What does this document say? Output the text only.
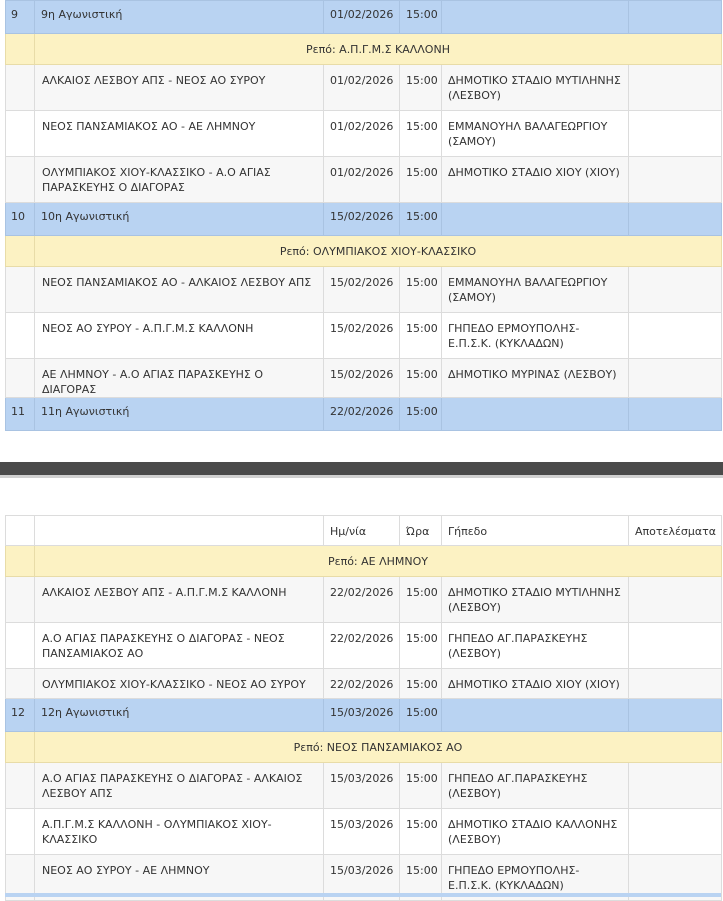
9	9η Αγωνιστική	01/02/2026	15:00		
	Ρεπό: Α.Π.Γ.Μ.Σ ΚΑΛΛΟΝΗ				
	ΑΛΚΑΙΟΣ ΛΕΣΒΟΥ ΑΠΣ - ΝΕΟΣ ΑΟ ΣΥΡΟΥ	01/02/2026	15:00	ΔΗΜΟΤΙΚΟ ΣΤΑΔΙΟ ΜΥΤΙΛΗΝΗΣ (ΛΕΣΒΟΥ)	
	ΝΕΟΣ ΠΑΝΣΑΜΙΑΚΟΣ ΑΟ - ΑΕ ΛΗΜΝΟΥ	01/02/2026	15:00	ΕΜΜΑΝΟΥΗΛ ΒΑΛΑΓΕΩΡΓΙΟΥ (ΣΑΜΟΥ)	
	ΟΛΥΜΠΙΑΚΟΣ ΧΙΟΥ-ΚΛΑΣΣΙΚΟ - Α.Ο ΑΓΙΑΣ ΠΑΡΑΣΚΕΥΗΣ Ο ΔΙΑΓΟΡΑΣ	01/02/2026	15:00	ΔΗΜΟΤΙΚΟ ΣΤΑΔΙΟ ΧΙΟΥ (ΧΙΟΥ)	
10	10η Αγωνιστική	15/02/2026	15:00		
	Ρεπό: ΟΛΥΜΠΙΑΚΟΣ ΧΙΟΥ-ΚΛΑΣΣΙΚΟ				
	ΝΕΟΣ ΠΑΝΣΑΜΙΑΚΟΣ ΑΟ - ΑΛΚΑΙΟΣ ΛΕΣΒΟΥ ΑΠΣ	15/02/2026	15:00	ΕΜΜΑΝΟΥΗΛ ΒΑΛΑΓΕΩΡΓΙΟΥ (ΣΑΜΟΥ)	
	ΝΕΟΣ ΑΟ ΣΥΡΟΥ - Α.Π.Γ.Μ.Σ ΚΑΛΛΟΝΗ	15/02/2026	15:00	ΓΗΠΕΔΟ ΕΡΜΟΥΠΟΛΗΣ- Ε.Π.Σ.Κ. (ΚΥΚΛΑΔΩΝ)	
	ΑΕ ΛΗΜΝΟΥ - Α.Ο ΑΓΙΑΣ ΠΑΡΑΣΚΕΥΗΣ Ο ΔΙΑΓΟΡΑΣ	15/02/2026	15:00	ΔΗΜΟΤΙΚΟ ΜΥΡΙΝΑΣ (ΛΕΣΒΟΥ)	
11	11η Αγωνιστική	22/02/2026	15:00		
		Ημ/νία	Ώρα	Γήπεδο	Αποτελέσματα
	Ρεπό: ΑΕ ΛΗΜΝΟΥ				
	ΑΛΚΑΙΟΣ ΛΕΣΒΟΥ ΑΠΣ - Α.Π.Γ.Μ.Σ ΚΑΛΛΟΝΗ	22/02/2026	15:00	ΔΗΜΟΤΙΚΟ ΣΤΑΔΙΟ ΜΥΤΙΛΗΝΗΣ (ΛΕΣΒΟΥ)	
	Α.Ο ΑΓΙΑΣ ΠΑΡΑΣΚΕΥΗΣ Ο ΔΙΑΓΟΡΑΣ - ΝΕΟΣ ΠΑΝΣΑΜΙΑΚΟΣ ΑΟ	22/02/2026	15:00	ΓΗΠΕΔΟ ΑΓ.ΠΑΡΑΣΚΕΥΗΣ (ΛΕΣΒΟΥ)	
	ΟΛΥΜΠΙΑΚΟΣ ΧΙΟΥ-ΚΛΑΣΣΙΚΟ - ΝΕΟΣ ΑΟ ΣΥΡΟΥ	22/02/2026	15:00	ΔΗΜΟΤΙΚΟ ΣΤΑΔΙΟ ΧΙΟΥ (ΧΙΟΥ)	
12	12η Αγωνιστική	15/03/2026	15:00		
	Ρεπό: ΝΕΟΣ ΠΑΝΣΑΜΙΑΚΟΣ ΑΟ				
	Α.Ο ΑΓΙΑΣ ΠΑΡΑΣΚΕΥΗΣ Ο ΔΙΑΓΟΡΑΣ - ΑΛΚΑΙΟΣ ΛΕΣΒΟΥ ΑΠΣ	15/03/2026	15:00	ΓΗΠΕΔΟ ΑΓ.ΠΑΡΑΣΚΕΥΗΣ (ΛΕΣΒΟΥ)	
	Α.Π.Γ.Μ.Σ ΚΑΛΛΟΝΗ - ΟΛΥΜΠΙΑΚΟΣ ΧΙΟΥ-ΚΛΑΣΣΙΚΟ	15/03/2026	15:00	ΔΗΜΟΤΙΚΟ ΣΤΑΔΙΟ ΚΑΛΛΟΝΗΣ (ΛΕΣΒΟΥ)	
	ΝΕΟΣ ΑΟ ΣΥΡΟΥ - ΑΕ ΛΗΜΝΟΥ	15/03/2026	15:00	ΓΗΠΕΔΟ ΕΡΜΟΥΠΟΛΗΣ- Ε.Π.Σ.Κ. (ΚΥΚΛΑΔΩΝ)	
